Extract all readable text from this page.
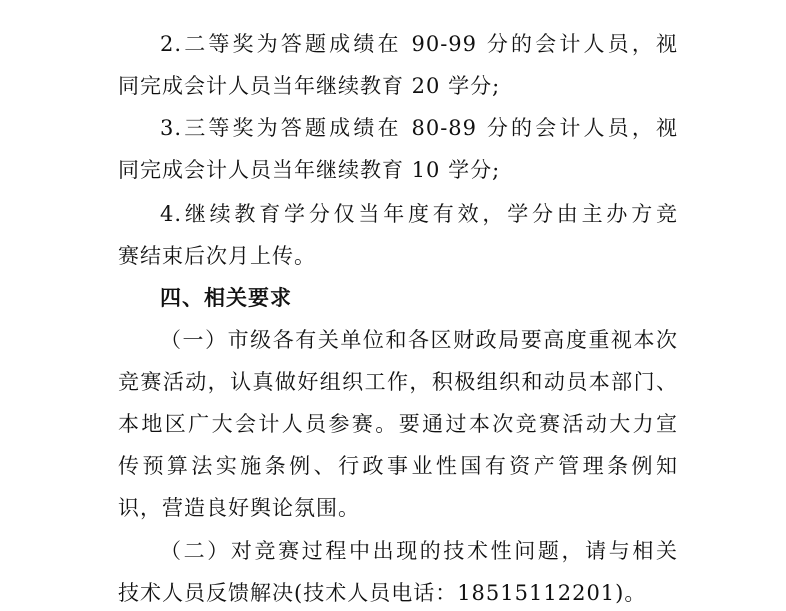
2.二等奖为答题成绩在 90-99 分的会计人员，视
同完成会计人员当年继续教育 20 学分;
3.三等奖为答题成绩在 80-89 分的会计人员，视
同完成会计人员当年继续教育 10 学分;
4.继续教育学分仅当年度有效，学分由主办方竞
赛结束后次月上传。
四、相关要求
（一）市级各有关单位和各区财政局要高度重视本次
竞赛活动，认真做好组织工作，积极组织和动员本部门、
本地区广大会计人员参赛。要通过本次竞赛活动大力宣
传预算法实施条例、行政事业性国有资产管理条例知
识，营造良好舆论氛围。
（二）对竞赛过程中出现的技术性问题，请与相关
技术人员反馈解决(技术人员电话：18515112201)。
